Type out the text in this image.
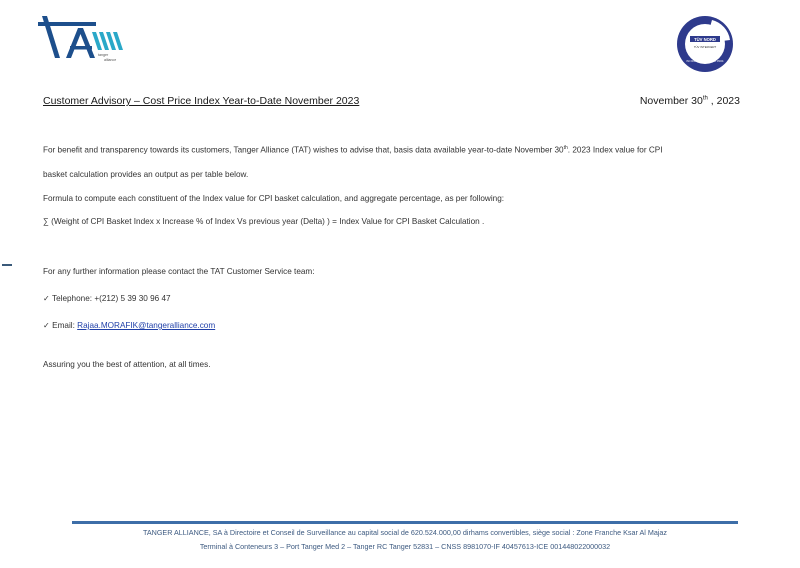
tanger
alliance
TÜV NORD
TÜV INTERCERT
ISO 9001 · ISO 14001 · ISO 45001
Customer Advisory – Cost Price Index Year-to-Date November 2023	November 30th , 2023
For benefit and transparency towards its customers, Tanger Alliance (TAT) wishes to advise that, basis data available year-to-date November 30th. 2023 Index value for CPI
basket calculation provides an output as per table below.
Formula to compute each constituent of the Index value for CPI basket calculation, and aggregate percentage, as per following:
∑ (Weight of CPI Basket Index x Increase % of Index Vs previous year (Delta) ) = Index Value for CPI Basket Calculation .
For any further information please contact the TAT Customer Service team:
✓ Telephone: +(212) 5 39 30 96 47
✓ Email: Rajaa.MORAFIK@tangeralliance.com
Assuring you the best of attention, at all times.
TANGER ALLIANCE, SA à Directoire et Conseil de Surveillance au capital social de 620.524.000,00 dirhams convertibles, siège social : Zone Franche Ksar Al Majaz
Terminal à Conteneurs 3 – Port Tanger Med 2 – Tanger RC Tanger 52831 – CNSS 8981070-IF 40457613-ICE 001448022000032
